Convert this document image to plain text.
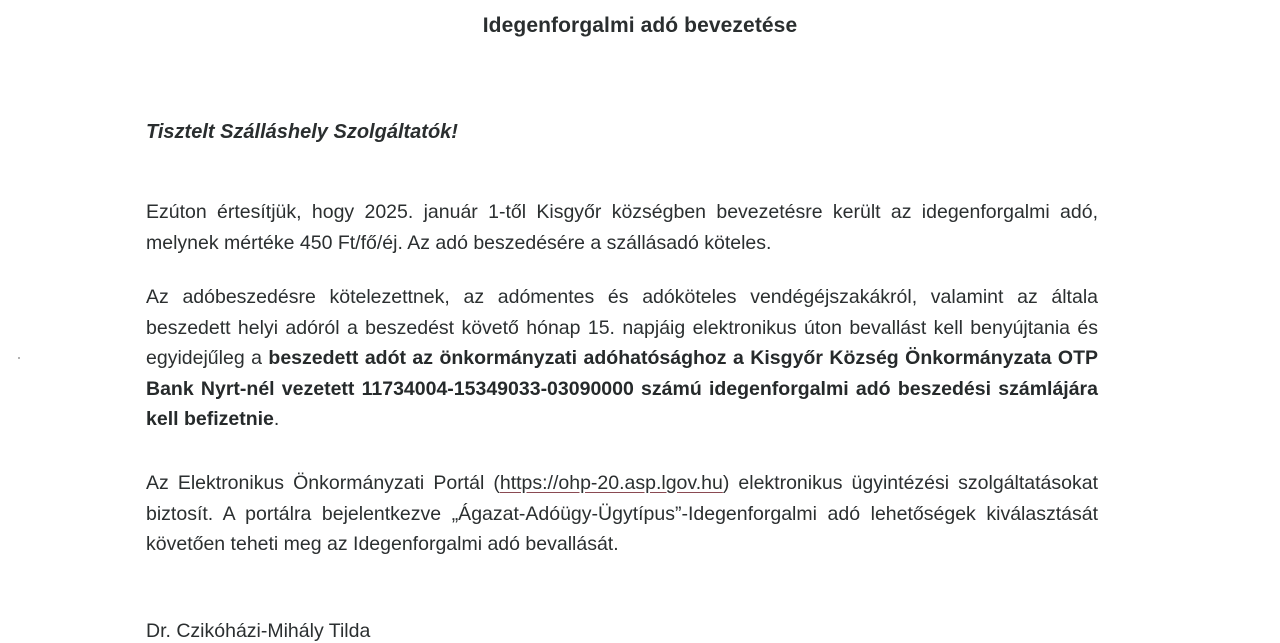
Idegenforgalmi adó bevezetése
Tisztelt Szálláshely Szolgáltatók!
Ezúton értesítjük, hogy 2025. január 1-től Kisgyőr községben bevezetésre került az idegenforgalmi adó, melynek mértéke 450 Ft/fő/éj. Az adó beszedésére a szállásadó köteles.
Az adóbeszedésre kötelezettnek, az adómentes és adóköteles vendégéjszakákról, valamint az általa beszedett helyi adóról a beszedést követő hónap 15. napjáig elektronikus úton bevallást kell benyújtania és egyidejűleg a beszedett adót az önkormányzati adóhatósághoz a Kisgyőr Község Önkormányzata OTP Bank Nyrt-nél vezetett 11734004-15349033-03090000 számú idegenforgalmi adó beszedési számlájára kell befizetnie.
Az Elektronikus Önkormányzati Portál (https://ohp-20.asp.lgov.hu) elektronikus ügyintézési szolgáltatásokat biztosít. A portálra bejelentkezve „Ágazat-Adóügy-Ügytípus”-Idegenforgalmi adó lehetőségek kiválasztását követően teheti meg az Idegenforgalmi adó bevallását.
Dr. Czikóházi-Mihály Tilda
